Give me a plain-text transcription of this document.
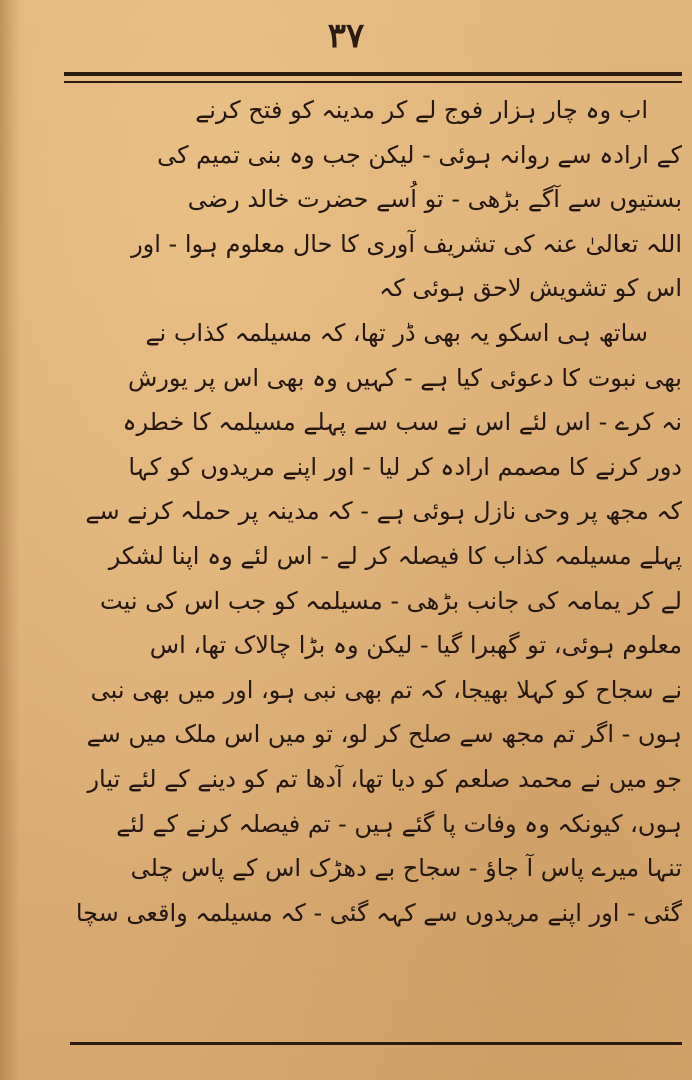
۳۷
اب وہ چار ہزار فوج لے کر مدینہ کو فتح کرنے
کے ارادہ سے روانہ ہوئی - لیکن جب وہ بنی تمیم کی
بستیوں سے آگے بڑھی - تو اُسے حضرت خالد رضی
اللہ تعالیٰ عنہ کی تشریف آوری کا حال معلوم ہوا - اور
اس کو تشویش لاحق ہوئی کہ
ساتھ ہی اسکو یہ بھی ڈر تھا، کہ مسیلمہ کذاب نے
بھی نبوت کا دعوئی کیا ہے - کہیں وہ بھی اس پر یورش
نہ کرے - اس لئے اس نے سب سے پہلے مسیلمہ کا خطرہ
دور کرنے کا مصمم ارادہ کر لیا - اور اپنے مریدوں کو کہا
کہ مجھ پر وحی نازل ہوئی ہے - کہ مدینہ پر حملہ کرنے سے
پہلے مسیلمہ کذاب کا فیصلہ کر لے - اس لئے وہ اپنا لشکر
لے کر یمامہ کی جانب بڑھی - مسیلمہ کو جب اس کی نیت
معلوم ہوئی، تو گھبرا گیا - لیکن وہ بڑا چالاک تھا، اس
نے سجاح کو کہلا بھیجا، کہ تم بھی نبی ہو، اور میں بھی نبی
ہوں - اگر تم مجھ سے صلح کر لو، تو میں اس ملک میں سے
جو میں نے محمد صلعم کو دیا تھا، آدھا تم کو دینے کے لئے تیار
ہوں، کیونکہ وہ وفات پا گئے ہیں - تم فیصلہ کرنے کے لئے
تنہا میرے پاس آ جاؤ - سجاح بے دھڑک اس کے پاس چلی
گئی - اور اپنے مریدوں سے کہہ گئی - کہ مسیلمہ واقعی سچا
